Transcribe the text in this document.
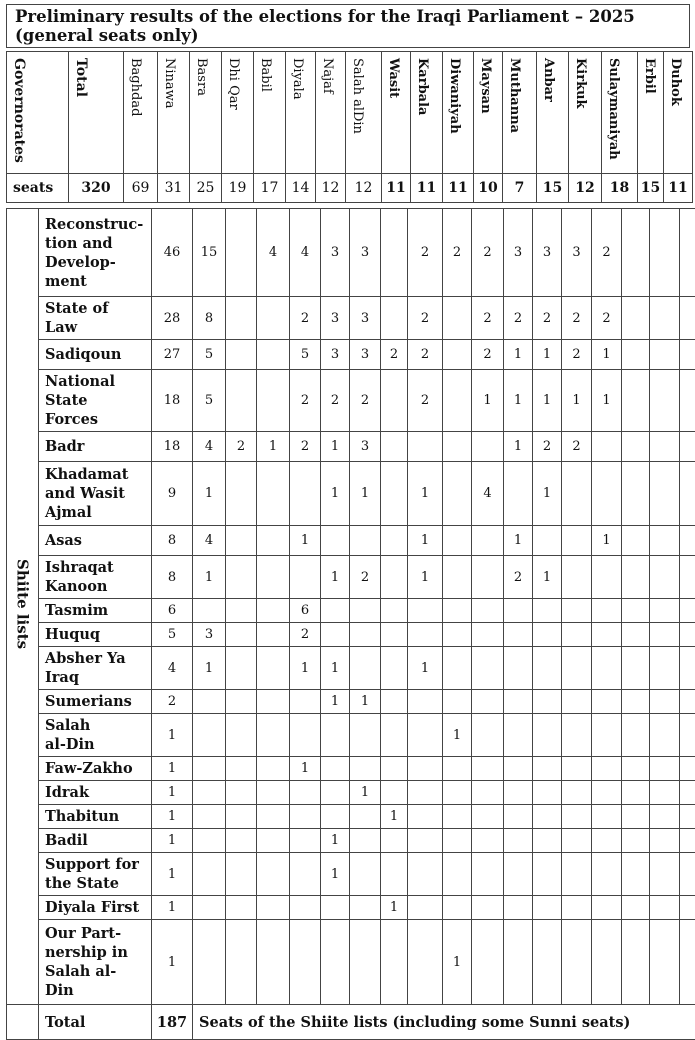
Preliminary results of the elections for the Iraqi Parliament – 2025
(general seats only)
Governorates	Total	Baghdad	Ninawa	Basra	Dhi Qar	Babil	Diyala	Najaf	Salah alDin	Wasit	Karbala	Diwaniyah	Maysan	Muthanna	Anbar	Kirkuk	Sulaymaniyah	Erbil	Duhok
seats	320	69	31	25	19	17	14	12	12	11	11	11	10	7	15	12	18	15	11
Shiite lists	Reconstruc-
tion and
Develop-
ment	46	15		4	4	3	3		2	2	2	3	3	3	2				

	State of
Law	28	8			2	3	3		2		2	2	2	2	2				

	Sadiqoun	27	5			5	3	3	2	2		2	1	1	2	1				

	National
State Forces	18	5			2	2	2		2		1	1	1	1	1				

	Badr	18	4	2	1	2	1	3					1	2	2					

	Khadamat
and Wasit
Ajmal	9	1				1	1		1		4		1						

	Asas	8	4			1				1			1			1				

	Ishraqat
Kanoon	8	1				1	2		1			2	1						

	Tasmim	6				6														

	Huquq	5	3			2														

	Absher Ya
Iraq	4	1			1	1			1										

	Sumerians	2					1	1												

	Salah
al-Din	1									1									

	Faw-Zakho	1				1														

	Idrak	1						1												

	Thabitun	1							1											

	Badil	1					1													

	Support for
the State	1					1													

	Diyala First	1							1											

	Our Part-
nership in
Salah al-
Din	1									1									
	Total	187	Seats of the Shiite lists (including some Sunni seats)																	
